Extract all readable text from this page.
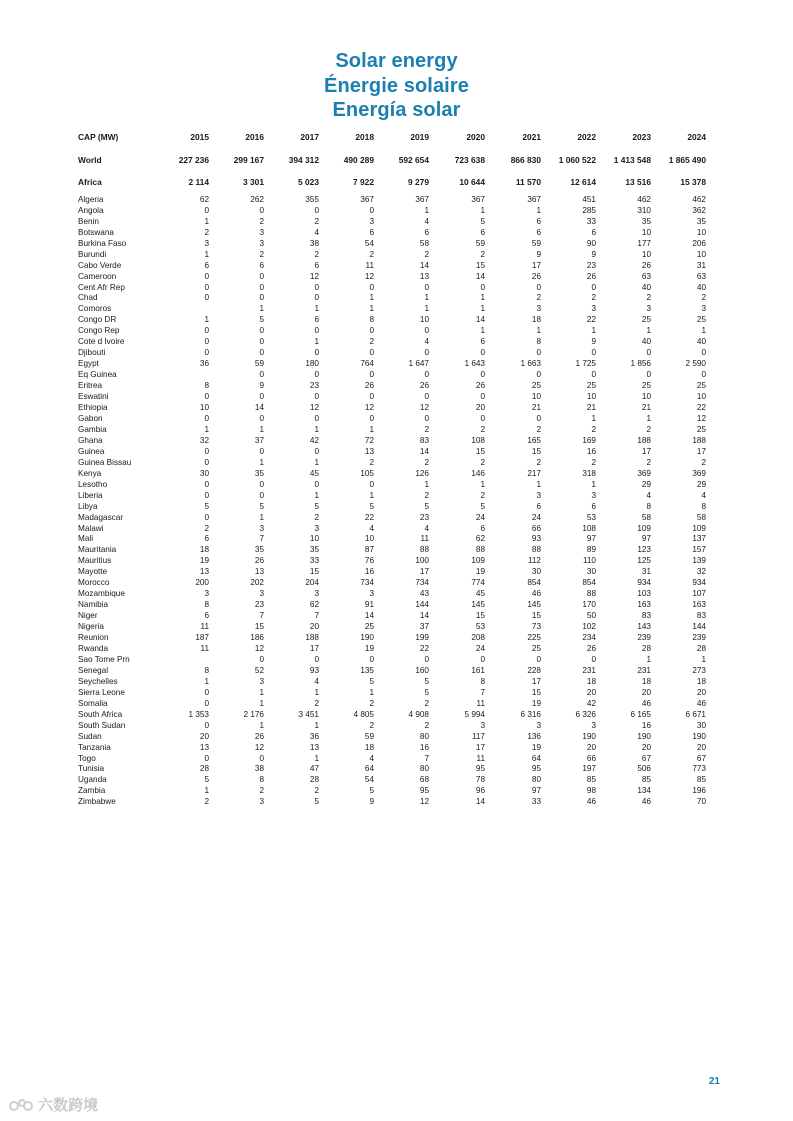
Solar energy
Énergie solaire
Energía solar
CAP (MW)	2015	2016	2017	2018	2019	2020	2021	2022	2023	2024

World	227 236	299 167	394 312	490 289	592 654	723 638	866 830	1 060 522	1 413 548	1 865 490

Africa	2 114	3 301	5 023	7 922	9 279	10 644	11 570	12 614	13 516	15 378

Algeria	62	262	355	367	367	367	367	451	462	462
Angola	0	0	0	0	1	1	1	285	310	362
Benin	1	2	2	3	4	5	6	33	35	35
Botswana	2	3	4	6	6	6	6	6	10	10
Burkina Faso	3	3	38	54	58	59	59	90	177	206
Burundi	1	2	2	2	2	2	9	9	10	10
Cabo Verde	6	6	6	11	14	15	17	23	26	31
Cameroon	0	0	12	12	13	14	26	26	63	63
Cent Afr Rep	0	0	0	0	0	0	0	0	40	40
Chad	0	0	0	1	1	1	2	2	2	2
Comoros		1	1	1	1	1	3	3	3	3
Congo DR	1	5	6	8	10	14	18	22	25	25
Congo Rep	0	0	0	0	0	1	1	1	1	1
Cote d Ivoire	0	0	1	2	4	6	8	9	40	40
Djibouti	0	0	0	0	0	0	0	0	0	0
Egypt	36	59	180	764	1 647	1 643	1 663	1 725	1 856	2 590
Eq Guinea		0	0	0	0	0	0	0	0	0
Eritrea	8	9	23	26	26	26	25	25	25	25
Eswatini	0	0	0	0	0	0	10	10	10	10
Ethiopia	10	14	12	12	12	20	21	21	21	22
Gabon	0	0	0	0	0	0	0	1	1	12
Gambia	1	1	1	1	2	2	2	2	2	25
Ghana	32	37	42	72	83	108	165	169	188	188
Guinea	0	0	0	13	14	15	15	16	17	17
Guinea Bissau	0	1	1	2	2	2	2	2	2	2
Kenya	30	35	45	105	126	146	217	318	369	369
Lesotho	0	0	0	0	1	1	1	1	29	29
Liberia	0	0	1	1	2	2	3	3	4	4
Libya	5	5	5	5	5	5	6	6	8	8
Madagascar	0	1	2	22	23	24	24	53	58	58
Malawi	2	3	3	4	4	6	66	108	109	109
Mali	6	7	10	10	11	62	93	97	97	137
Mauritania	18	35	35	87	88	88	88	89	123	157
Mauritius	19	26	33	76	100	109	112	110	125	139
Mayotte	13	13	15	16	17	19	30	30	31	32
Morocco	200	202	204	734	734	774	854	854	934	934
Mozambique	3	3	3	3	43	45	46	88	103	107
Namibia	8	23	62	91	144	145	145	170	163	163
Niger	6	7	7	14	14	15	15	50	83	83
Nigeria	11	15	20	25	37	53	73	102	143	144
Reunion	187	186	188	190	199	208	225	234	239	239
Rwanda	11	12	17	19	22	24	25	26	28	28
Sao Tome Prn		0	0	0	0	0	0	0	1	1
Senegal	8	52	93	135	160	161	228	231	231	273
Seychelles	1	3	4	5	5	8	17	18	18	18
Sierra Leone	0	1	1	1	5	7	15	20	20	20
Somalia	0	1	2	2	2	11	19	42	46	46
South Africa	1 353	2 176	3 451	4 805	4 908	5 994	6 316	6 326	6 165	6 671
South Sudan	0	1	1	2	2	3	3	3	16	30
Sudan	20	26	36	59	80	117	136	190	190	190
Tanzania	13	12	13	18	16	17	19	20	20	20
Togo	0	0	1	4	7	11	64	66	67	67
Tunisia	28	38	47	64	80	95	95	197	506	773
Uganda	5	8	28	54	68	78	80	85	85	85
Zambia	1	2	2	5	95	96	97	98	134	196
Zimbabwe	2	3	5	9	12	14	33	46	46	70
21
六数跨境
